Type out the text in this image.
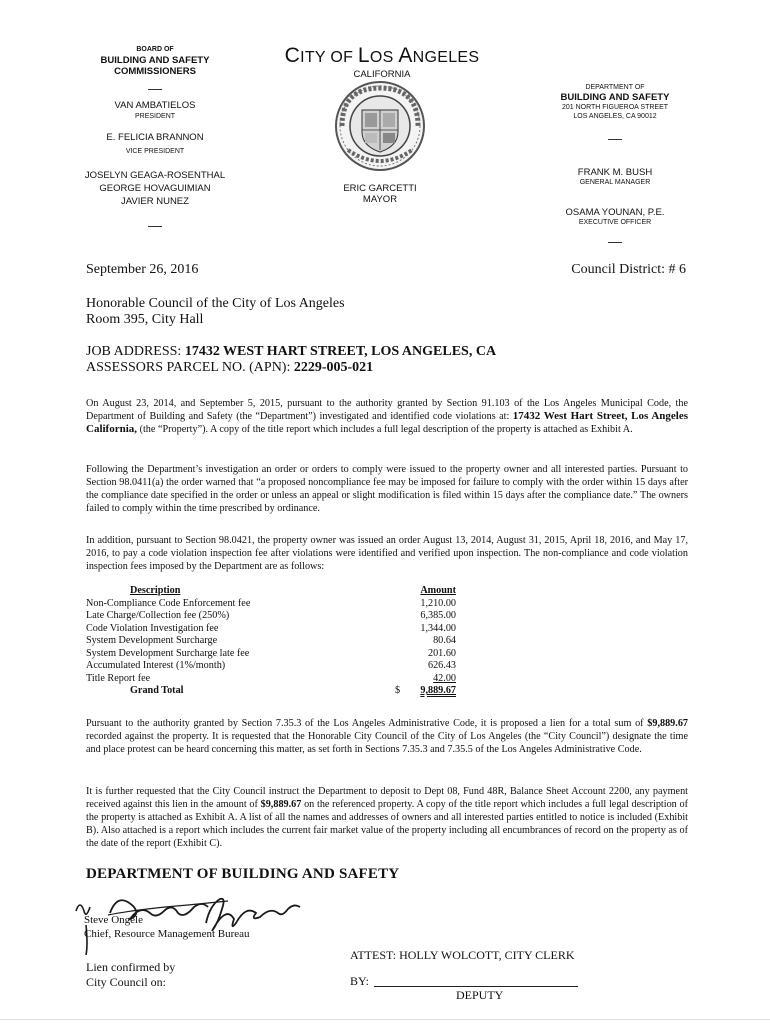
BOARD OF
BUILDING AND SAFETY
COMMISSIONERS
VAN AMBATIELOS
PRESIDENT
E. FELICIA BRANNON
VICE PRESIDENT
JOSELYN GEAGA-ROSENTHAL
GEORGE HOVAGUIMIAN
JAVIER NUNEZ
CITY OF LOS ANGELES
CALIFORNIA
ERIC GARCETTI
MAYOR
DEPARTMENT OF
BUILDING AND SAFETY
201 NORTH FIGUEROA STREET
LOS ANGELES, CA 90012
FRANK M. BUSH
GENERAL MANAGER
OSAMA YOUNAN, P.E.
EXECUTIVE OFFICER
September 26, 2016	Council District: # 6
Honorable Council of the City of Los Angeles
Room 395, City Hall
JOB ADDRESS: 17432 WEST HART STREET, LOS ANGELES, CA
ASSESSORS PARCEL NO. (APN): 2229-005-021
On August 23, 2014, and September 5, 2015, pursuant to the authority granted by Section 91.103 of the Los Angeles Municipal Code, the Department of Building and Safety (the “Department”) investigated and identified code violations at: 17432 West Hart Street, Los Angeles California, (the “Property”). A copy of the title report which includes a full legal description of the property is attached as Exhibit A.
Following the Department’s investigation an order or orders to comply were issued to the property owner and all interested parties. Pursuant to Section 98.0411(a) the order warned that “a proposed noncompliance fee may be imposed for failure to comply with the order within 15 days after the compliance date specified in the order or unless an appeal or slight modification is filed within 15 days after the compliance date.” The owners failed to comply within the time prescribed by ordinance.
In addition, pursuant to Section 98.0421, the property owner was issued an order August 13, 2014, August 31, 2015, April 18, 2016, and May 17, 2016, to pay a code violation inspection fee after violations were identified and verified upon inspection. The non-compliance and code violation inspection fees imposed by the Department are as follows:
Description	Amount
Non-Compliance Code Enforcement fee	1,210.00
Late Charge/Collection fee (250%)	6,385.00
Code Violation Investigation fee	1,344.00
System Development Surcharge	80.64
System Development Surcharge late fee	201.60
Accumulated Interest (1%/month)	626.43
Title Report fee	42.00
Grand Total	$ 9,889.67
Pursuant to the authority granted by Section 7.35.3 of the Los Angeles Administrative Code, it is proposed a lien for a total sum of $9,889.67 recorded against the property. It is requested that the Honorable City Council of the City of Los Angeles (the “City Council”) designate the time and place protest can be heard concerning this matter, as set forth in Sections 7.35.3 and 7.35.5 of the Los Angeles Administrative Code.
It is further requested that the City Council instruct the Department to deposit to Dept 08, Fund 48R, Balance Sheet Account 2200, any payment received against this lien in the amount of $9,889.67 on the referenced property. A copy of the title report which includes a full legal description of the property is attached as Exhibit A. A list of all the names and addresses of owners and all interested parties entitled to notice is included (Exhibit B). Also attached is a report which includes the current fair market value of the property including all encumbrances of record on the property as of the date of the report (Exhibit C).
DEPARTMENT OF BUILDING AND SAFETY
Steve Ongele
Chief, Resource Management Bureau
ATTEST: HOLLY WOLCOTT, CITY CLERK
Lien confirmed by
City Council on:	BY:
DEPUTY
